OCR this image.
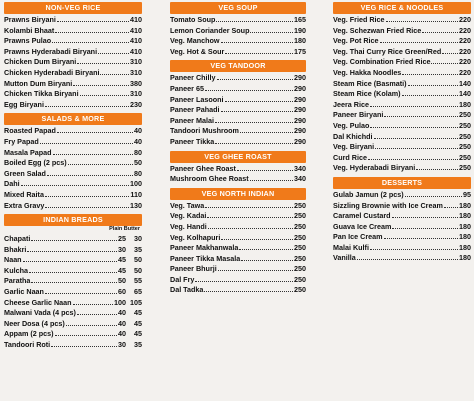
NON-VEG RICE
Prawns Biryani	410
Kolambi Bhaat	410
Prawns Pulao	410
Prawns Hyderabadi Biryani	410
Chicken Dum Biryani	310
Chicken Hyderabadi Biryani	310
Mutton Dum Biryani	380
Chicken Tikka Biryani	310
Egg Biryani	230
SALADS & MORE
Roasted Papad	40
Fry Papad	40
Masala Papad	80
Boiled Egg (2 pcs)	50
Green Salad	80
Dahi	100
Mixed Raita	110
Extra Gravy	130
INDIAN BREADS
Plain Butter
Chapati	25	30
Bhakri	30	35
Naan	45	50
Kulcha	45	50
Paratha	50	55
Garlic Naan	60	65
Cheese Garlic Naan	100 105
Malwani Vada (4 pcs)	40	45
Neer Dosa (4 pcs)	40	45
Appam (2 pcs)	40	45
Tandoori Roti	30	35
VEG SOUP
Tomato Soup	165
Lemon Coriander Soup	190
Veg. Manchow	180
Veg. Hot & Sour	175
VEG TANDOOR
Paneer Chilly	290
Paneer 65	290
Paneer Lasooni	290
Paneer Pahadi	290
Paneer Malai	290
Tandoori Mushroom	290
Paneer Tikka	290
VEG GHEE ROAST
Paneer Ghee Roast	340
Mushroom Ghee Roast	340
VEG NORTH INDIAN
Veg. Tawa	250
Veg. Kadai	250
Veg. Handi	250
Veg. Kolhapuri	250
Paneer Makhanwala	250
Paneer Tikka Masala	250
Paneer Bhurji	250
Dal Fry	250
Dal Tadka	250
VEG RICE & NOODLES
Veg. Fried Rice	220
Veg. Schezwan Fried Rice	220
Veg. Pot Rice	220
Veg. Thai Curry Rice Green/Red 220
Veg. Combination Fried Rice	220
Veg. Hakka Noodles	220
Steam Rice (Basmati)	140
Steam Rice (Kolam)	140
Jeera Rice	180
Paneer Biryani	250
Veg. Pulao	250
Dal Khichdi	250
Veg. Biryani	250
Curd Rice	250
Veg. Hyderabadi Biryani	250
DESSERTS
Gulab Jamun (2 pcs)	95
Sizzling Brownie with Ice Cream 180
Caramel Custard	180
Guava Ice Cream	180
Pan Ice Cream	180
Malai Kulfi	180
Vanilla	180
